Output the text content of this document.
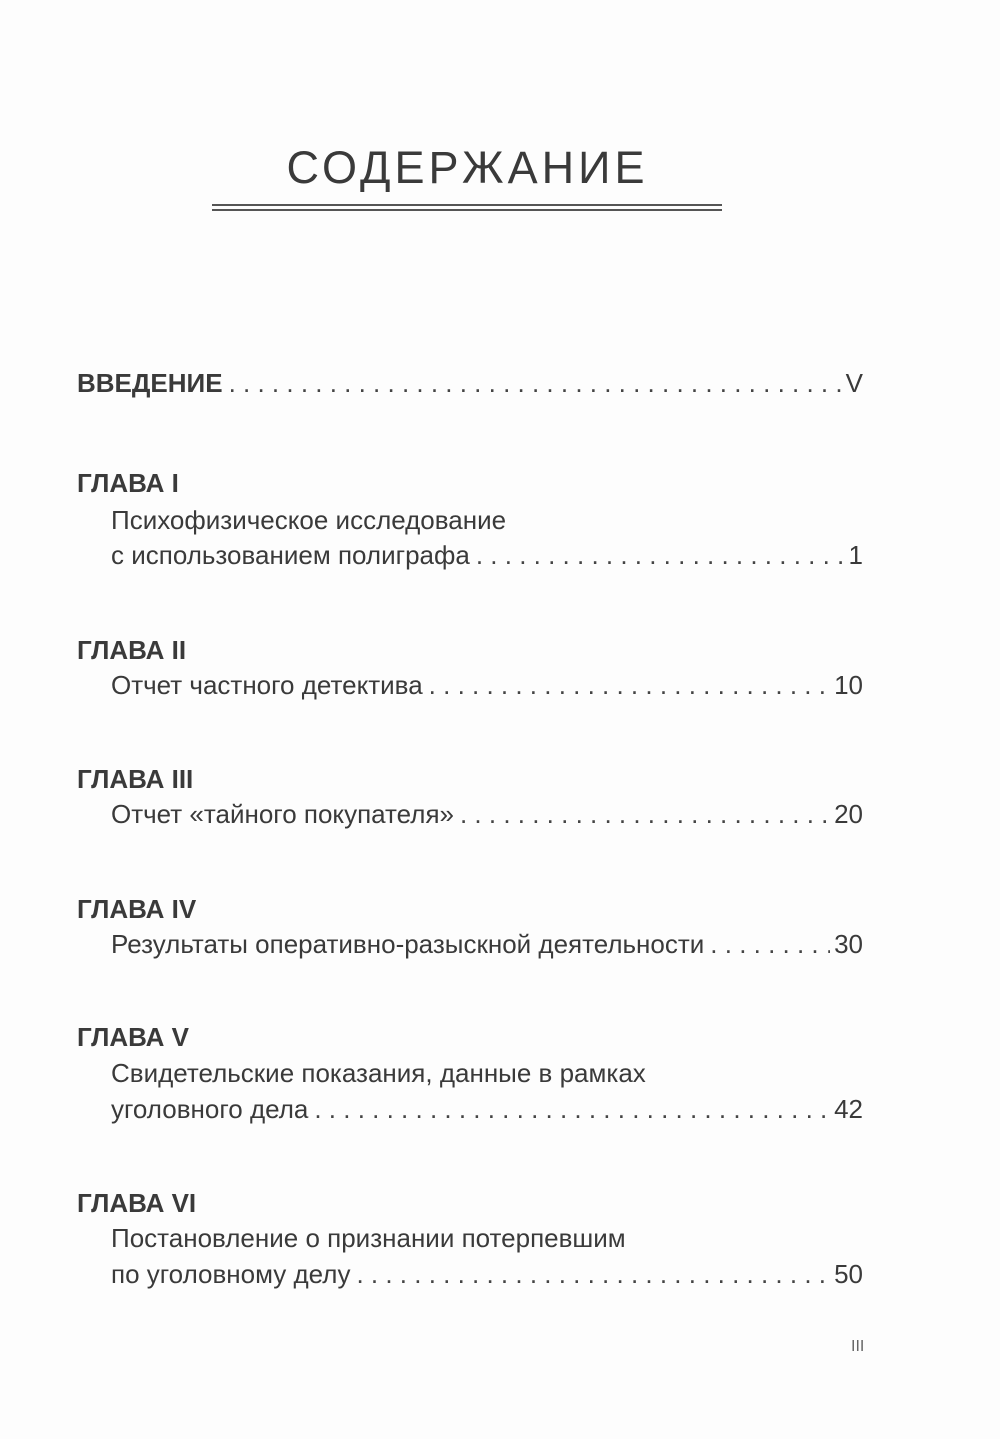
СОДЕРЖАНИЕ
ВВЕДЕНИЕ . . .	V
ГЛАВА I
Психофизическое исследование
с использованием полиграфа . . .	1
ГЛАВА II
Отчет частного детектива . . .	10
ГЛАВА III
Отчет «тайного покупателя» . . .	20
ГЛАВА IV
Результаты оперативно-разыскной деятельности . . .	30
ГЛАВА V
Свидетельские показания, данные в рамках
уголовного дела . . .	42
ГЛАВА VI
Постановление о признании потерпевшим
по уголовному делу . . .	50
III
